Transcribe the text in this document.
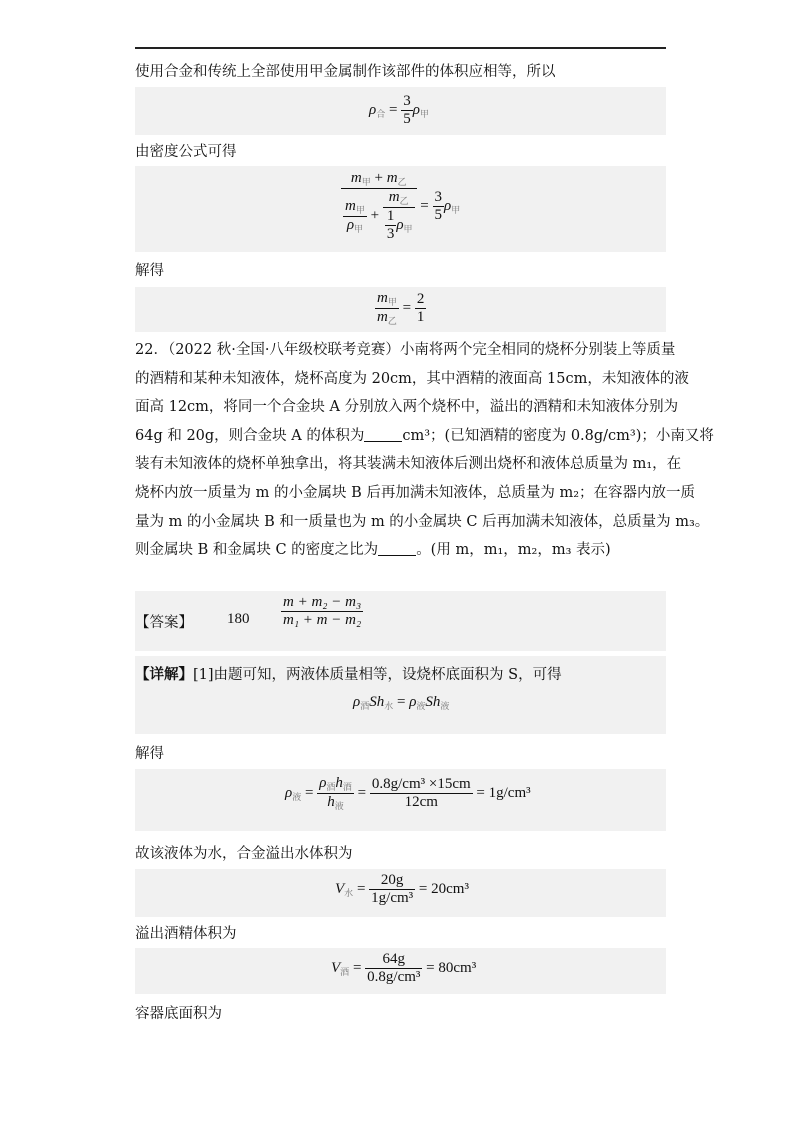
使用合金和传统上全部使用甲金属制作该部件的体积应相等，所以
$\rho_合 = \frac{3}{5} \rho_甲$
由密度公式可得
$\frac{m_甲 + m_乙}{\frac{m_甲}{\rho_甲} + \frac{m_乙}{\frac{1}{3} \rho_甲}} = \frac{3}{5} \rho_甲$
解得
$\frac{m_甲}{m_乙} = \frac{2}{1}$

22．（2022 秋·全国·八年级校联考竞赛）小南将两个完全相同的烧杯分别装上等质量

的酒精和某种未知液体，烧杯高度为 20cm，其中酒精的液面高 15cm，未知液体的液

面高 12cm，将同一个合金块 A 分别放入两个烧杯中，溢出的酒精和未知液体分别为

64g 和 20g，则合金块 A 的体积为	cm³；(已知酒精的密度为 0.8g/cm³)；小南又将

装有未知液体的烧杯单独拿出，将其装满未知液体后测出烧杯和液体总质量为 m₁，在

烧杯内放一质量为 m 的小金属块 B 后再加满未知液体，总质量为 m₂；在容器内放一质

量为 m 的小金属块 B 和一质量也为 m 的小金属块 C 后再加满未知液体，总质量为 m₃。

则金属块 B 和金属块 C 的密度之比为	。(用 m，m₁，m₂，m₃ 表示)

【答案】 $180 \frac{\text{m + m₂ − m₃}}{\text{m₁ + m − m₂}}$
【详解】[1]由题可知，两液体质量相等，设烧杯底面积为 S，可得
$\rho_酒Sh_水 = \rho_液Sh_液$
解得
$\rho_液 = \frac{\rho_酒h_酒}{h_液} = \frac{\text{0.8g/cm³ ×15cm}}{12cm} = 1g/cm^3$
故该液体为水，合金溢出水体积为
$V_水 = \frac{20g}{\text{1g/cm³}} = 20cm^3$
溢出酒精体积为
$V_酒 = \frac{64g}{\text{0.8g/cm³}} = 80cm^3$
容器底面积为
